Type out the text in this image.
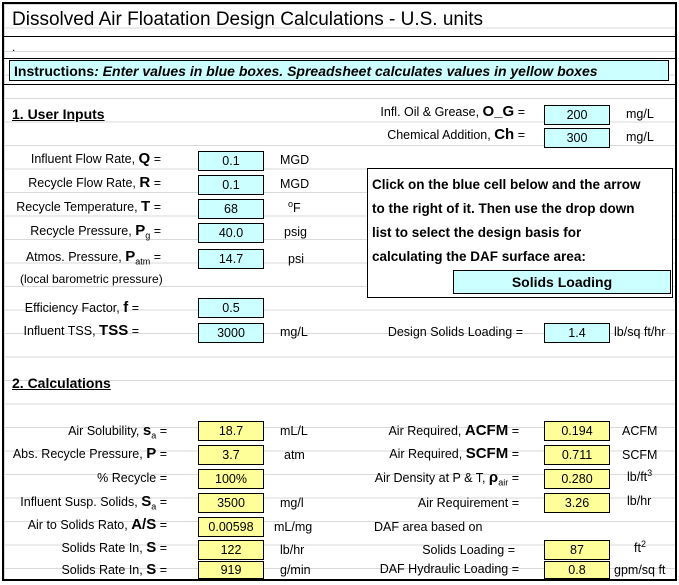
Dissolved Air Floatation Design Calculations - U.S. units
.
Instructions: Enter values in blue boxes. Spreadsheet calculates values in yellow boxes
1. User Inputs	Infl. Oil & Grease, O_G =	200	mg/L
Chemical Addition, Ch =	300	mg/L
Influent Flow Rate, Q =	0.1	MGD
Recycle Flow Rate, R =	0.1	MGD
Recycle Temperature, T =	68	$^o$F
Recycle Pressure, $P_g$ =	40.0	psig
Atmos. Pressure, $P_{atm}$ =	14.7	psi
(local barometric pressure)
Click on the blue cell below and the arrow
to the right of it. Then use the drop down
list to select the design basis for
calculating the DAF surface area:
Solids Loading
Efficiency Factor, f =	0.5
Influent TSS, TSS =	3000	mg/L	Design Solids Loading =	1.4	lb/sq ft/hr
2. Calculations
Air Solubility, $s_a$ =	18.7	mL/L
Abs. Recycle Pressure, P =	3.7	atm
% Recycle =	100%
Influent Susp. Solids, $S_a$ =	3500	mg/l
Air to Solids Rato, A/S =	0.00598	mL/mg
Solids Rate In, S =	122	lb/hr
Solids Rate In, S =	919	g/min
Air Required, ACFM =	0.194	ACFM
Air Required, SCFM =	0.711	SCFM
Air Density at P & T, $\rho_{air}$ =	0.280	$lb/ft^3$
Air Requirement =	3.26	lb/hr
DAF area based on
Solids Loading =	87	$ft^2$
DAF Hydraulic Loading =	0.8	gpm/sq ft
